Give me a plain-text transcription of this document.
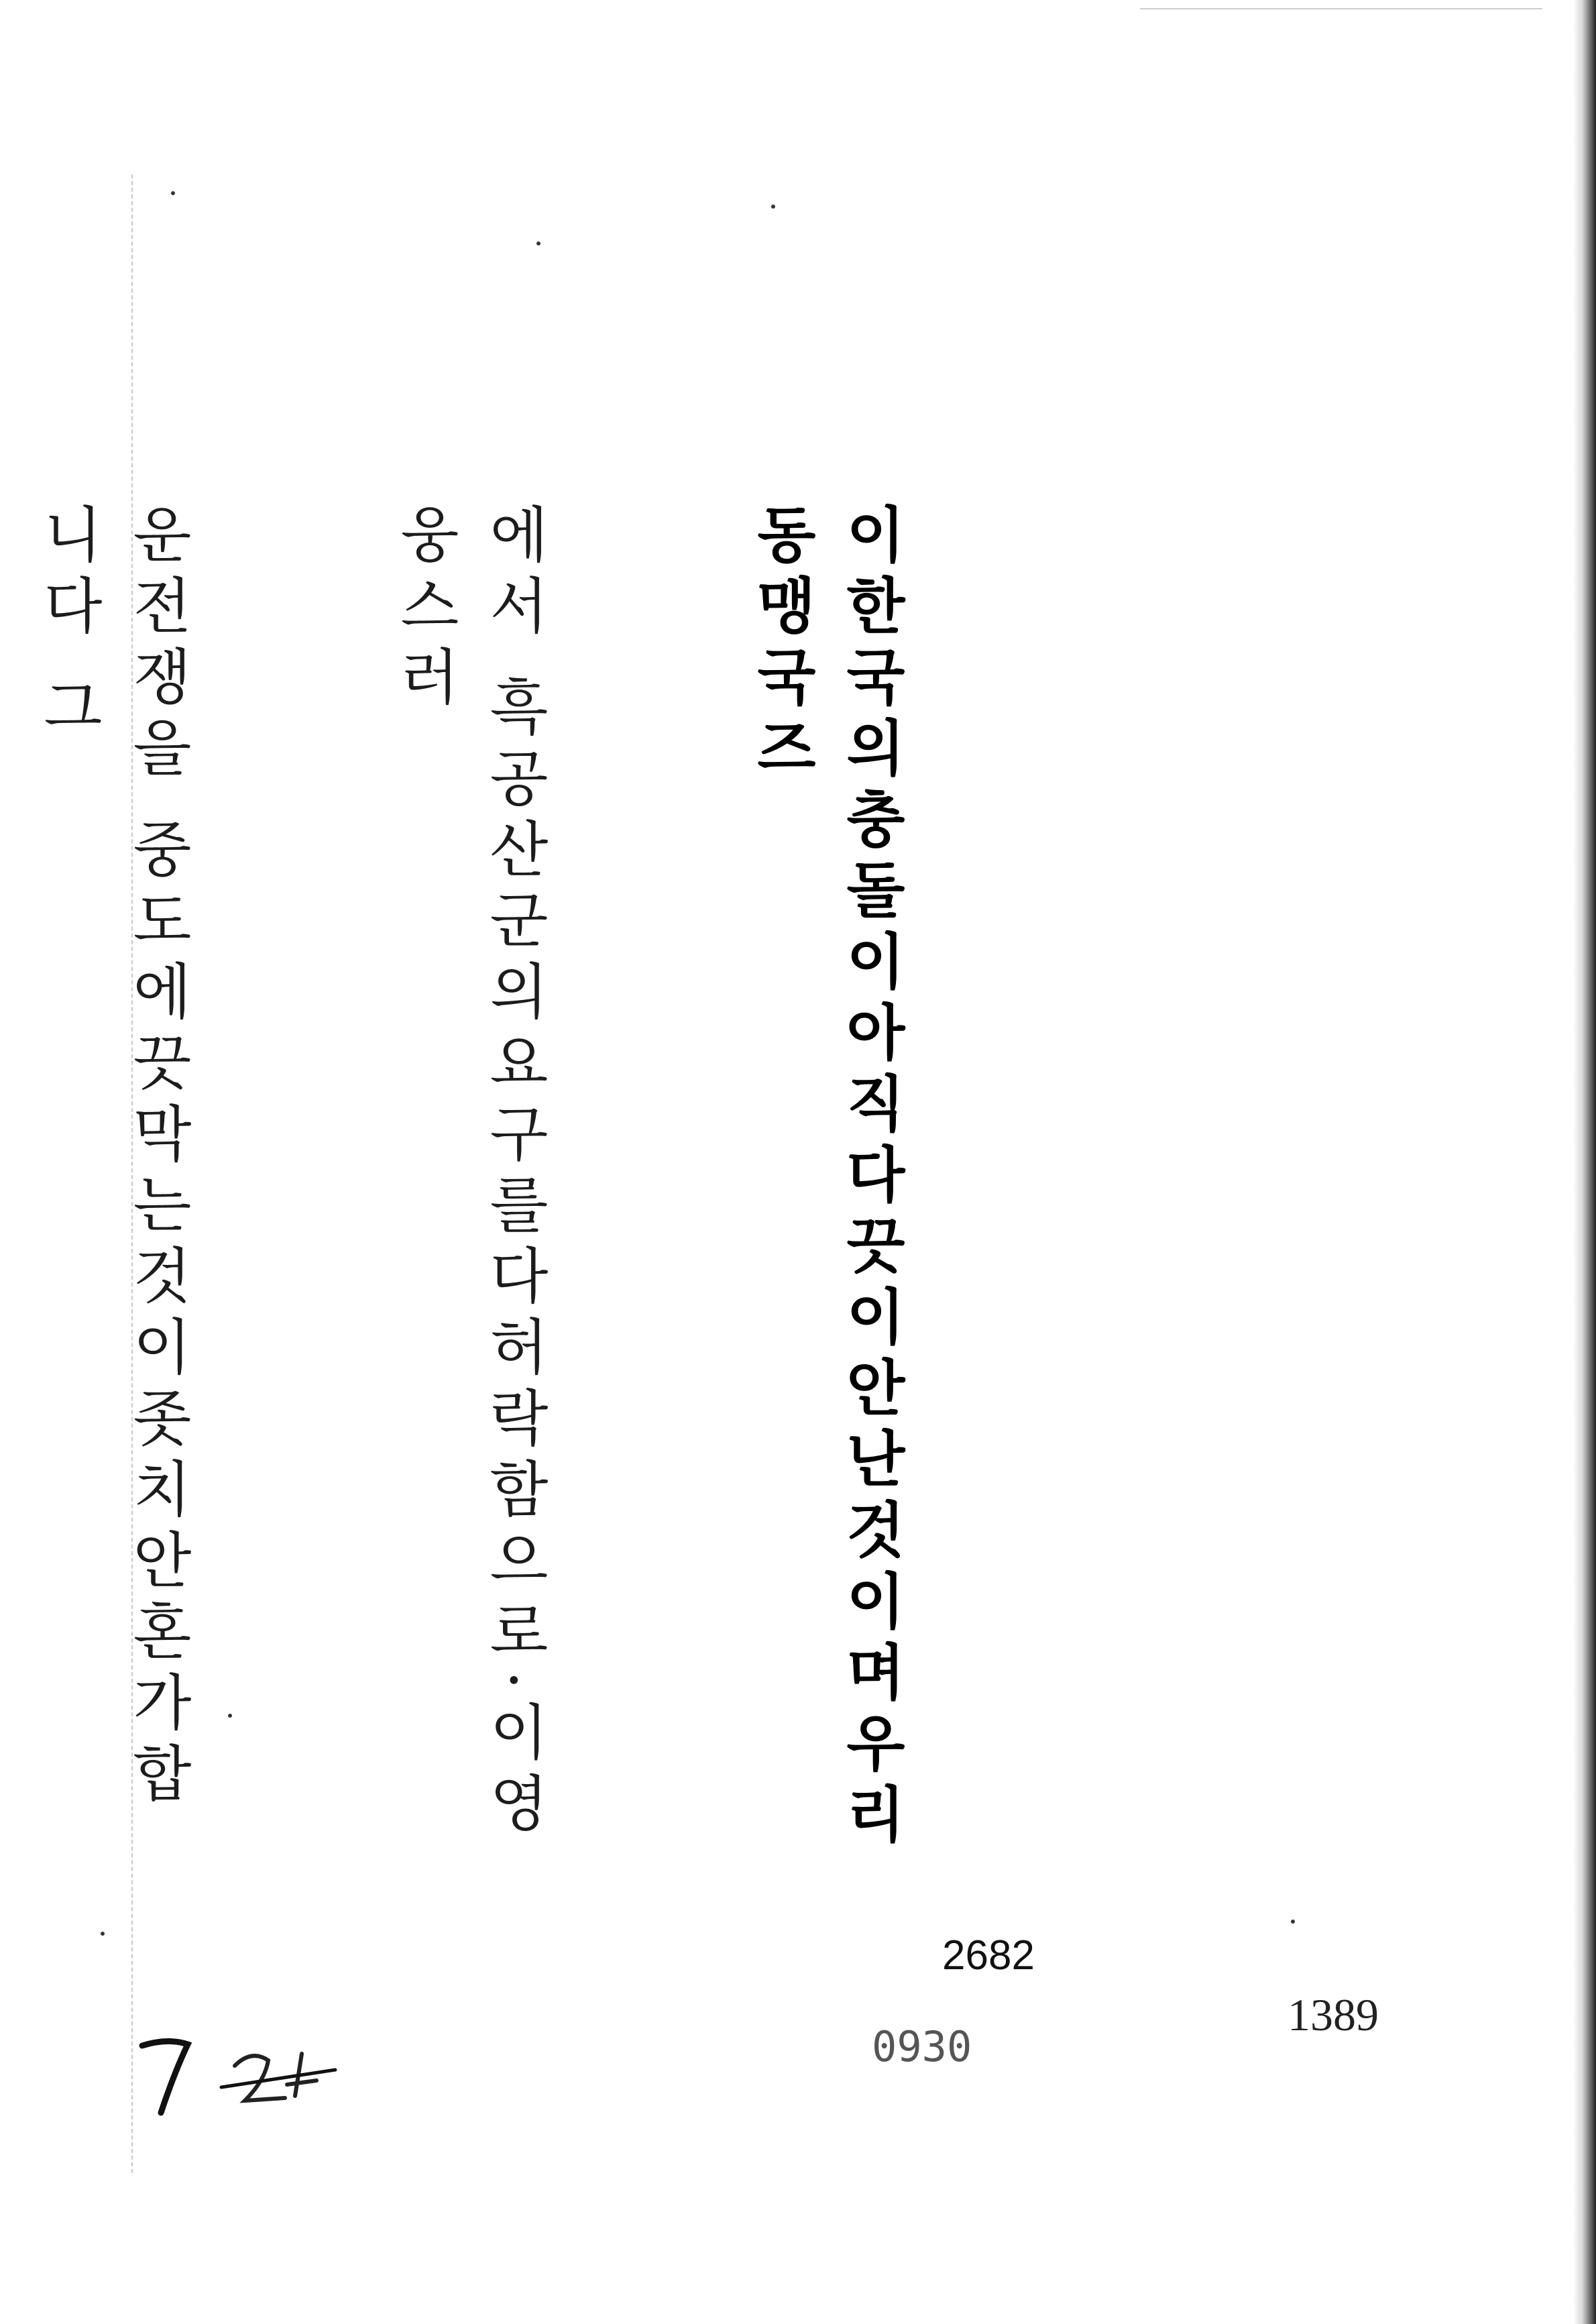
이한국의충돌이아직다끗이안난것이며우리동맹국즈

에서 흑공산군의요구를다허락함으로·이영웅스러

운전쟁을 중도에끗막는것이좃치안혼가합니다 그

2682
0930
1389
